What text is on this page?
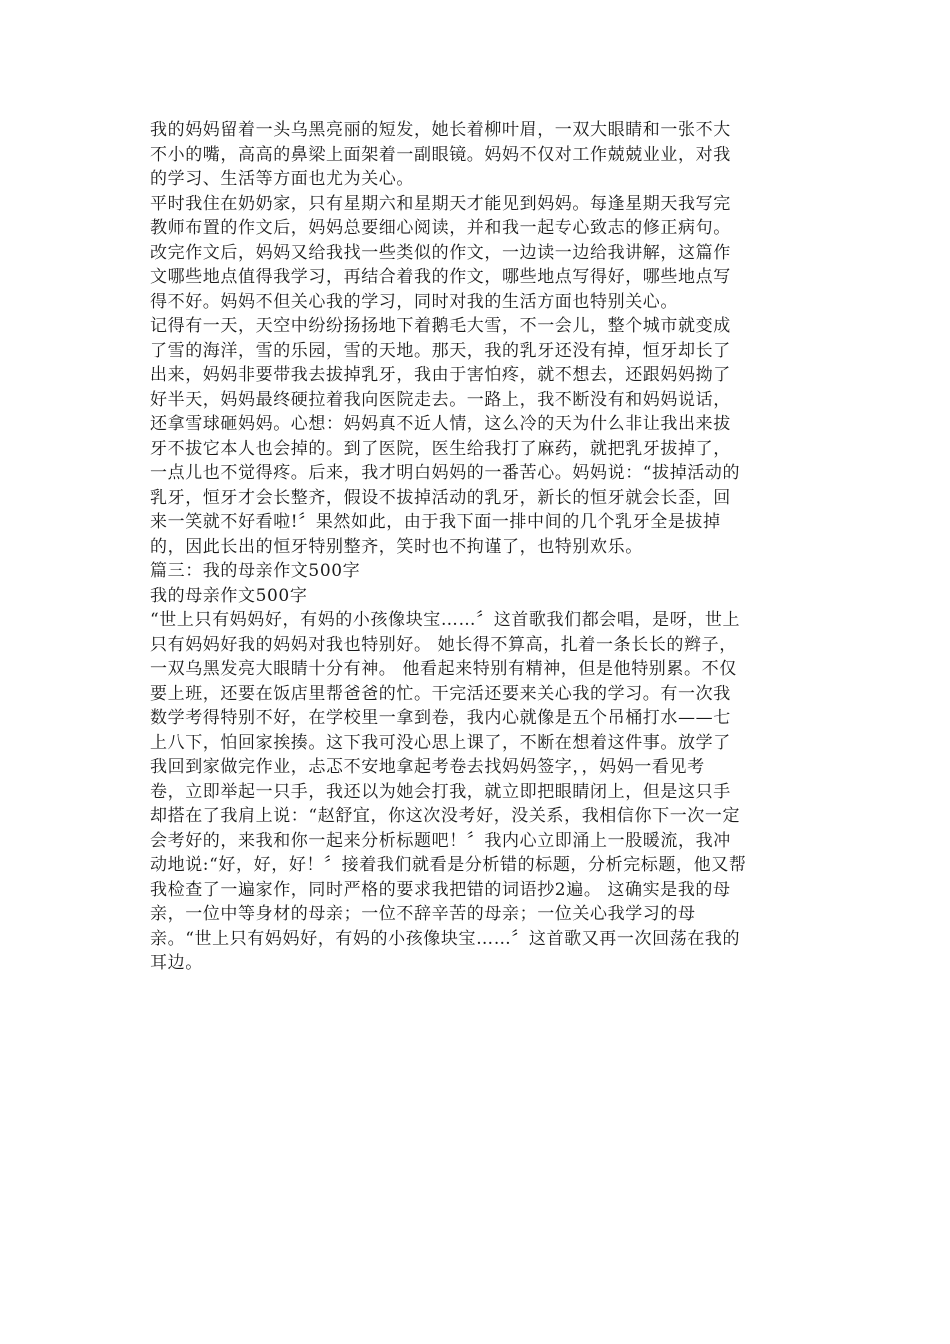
我的妈妈留着一头乌黑亮丽的短发，她长着柳叶眉，一双大眼睛和一张不大
不小的嘴，高高的鼻梁上面架着一副眼镜。妈妈不仅对工作兢兢业业，对我
的学习、生活等方面也尤为关心。
平时我住在奶奶家，只有星期六和星期天才能见到妈妈。每逢星期天我写完
教师布置的作文后，妈妈总要细心阅读，并和我一起专心致志的修正病句。
改完作文后，妈妈又给我找一些类似的作文，一边读一边给我讲解，这篇作
文哪些地点值得我学习，再结合着我的作文，哪些地点写得好，哪些地点写
得不好。妈妈不但关心我的学习，同时对我的生活方面也特别关心。
记得有一天，天空中纷纷扬扬地下着鹅毛大雪，不一会儿，整个城市就变成
了雪的海洋，雪的乐园，雪的天地。那天，我的乳牙还没有掉，恒牙却长了
出来，妈妈非要带我去拔掉乳牙，我由于害怕疼，就不想去，还跟妈妈拗了
好半天，妈妈最终硬拉着我向医院走去。一路上，我不断没有和妈妈说话，
还拿雪球砸妈妈。心想：妈妈真不近人情，这么冷的天为什么非让我出来拔
牙不拔它本人也会掉的。到了医院，医生给我打了麻药，就把乳牙拔掉了，
一点儿也不觉得疼。后来，我才明白妈妈的一番苦心。妈妈说：“拔掉活动的
乳牙，恒牙才会长整齐，假设不拔掉活动的乳牙，新长的恒牙就会长歪，回
来一笑就不好看啦!〞果然如此，由于我下面一排中间的几个乳牙全是拔掉
的，因此长出的恒牙特别整齐，笑时也不拘谨了，也特别欢乐。
篇三：我的母亲作文500字
我的母亲作文500字
“世上只有妈妈好，有妈的小孩像块宝……〞这首歌我们都会唱，是呀，世上
只有妈妈好我的妈妈对我也特别好。 她长得不算高，扎着一条长长的辫子，
一双乌黑发亮大眼睛十分有神。 他看起来特别有精神，但是他特别累。不仅
要上班，还要在饭店里帮爸爸的忙。干完活还要来关心我的学习。有一次我
数学考得特别不好，在学校里一拿到卷，我内心就像是五个吊桶打水——七
上八下，怕回家挨揍。这下我可没心思上课了，不断在想着这件事。放学了
我回到家做完作业，忐忑不安地拿起考卷去找妈妈签字，，妈妈一看见考
卷，立即举起一只手，我还以为她会打我，就立即把眼睛闭上，但是这只手
却搭在了我肩上说：“赵舒宜，你这次没考好，没关系，我相信你下一次一定
会考好的，来我和你一起来分析标题吧！〞我内心立即涌上一股暖流，我冲
动地说:“好，好，好！〞接着我们就看是分析错的标题，分析完标题，他又帮
我检查了一遍家作，同时严格的要求我把错的词语抄2遍。 这确实是我的母
亲，一位中等身材的母亲；一位不辞辛苦的母亲；一位关心我学习的母
亲。“世上只有妈妈好，有妈的小孩像块宝……〞这首歌又再一次回荡在我的
耳边。
